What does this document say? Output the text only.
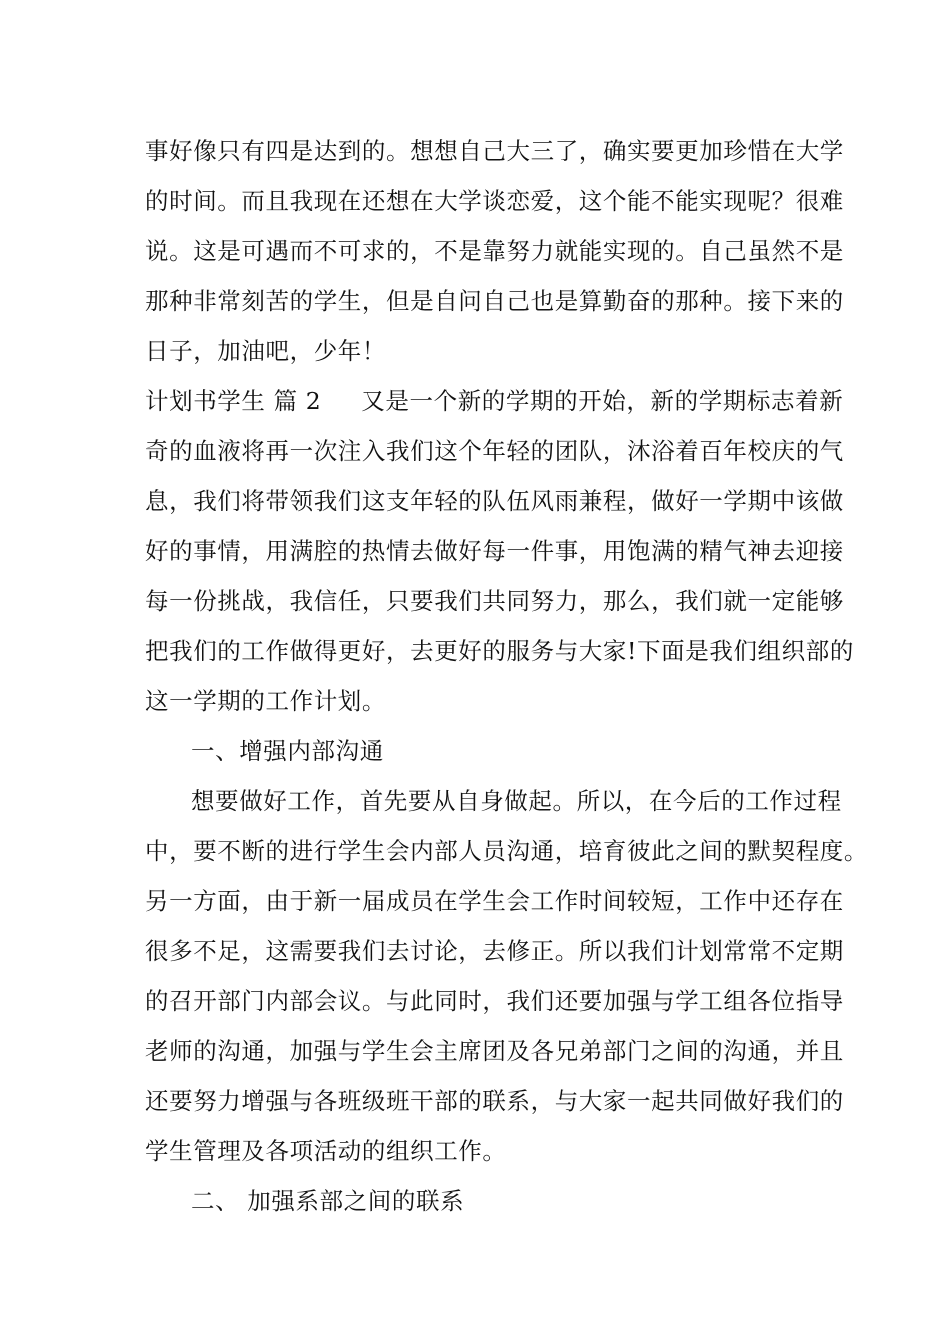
事好像只有四是达到的。想想自己大三了，确实要更加珍惜在大学
的时间。而且我现在还想在大学谈恋爱，这个能不能实现呢？很难
说。这是可遇而不可求的，不是靠努力就能实现的。自己虽然不是
那种非常刻苦的学生，但是自问自己也是算勤奋的那种。接下来的
日子，加油吧，少年！
计划书学生 篇 2 又是一个新的学期的开始，新的学期标志着新
奇的血液将再一次注入我们这个年轻的团队，沐浴着百年校庆的气
息，我们将带领我们这支年轻的队伍风雨兼程，做好一学期中该做
好的事情，用满腔的热情去做好每一件事，用饱满的精气神去迎接
每一份挑战，我信任，只要我们共同努力，那么，我们就一定能够
把我们的工作做得更好，去更好的服务与大家!下面是我们组织部的
这一学期的工作计划。
一、增强内部沟通
想要做好工作，首先要从自身做起。所以，在今后的工作过程
中，要不断的进行学生会内部人员沟通，培育彼此之间的默契程度。
另一方面，由于新一届成员在学生会工作时间较短，工作中还存在
很多不足，这需要我们去讨论，去修正。所以我们计划常常不定期
的召开部门内部会议。与此同时，我们还要加强与学工组各位指导
老师的沟通，加强与学生会主席团及各兄弟部门之间的沟通，并且
还要努力增强与各班级班干部的联系，与大家一起共同做好我们的
学生管理及各项活动的组织工作。
二、 加强系部之间的联系
